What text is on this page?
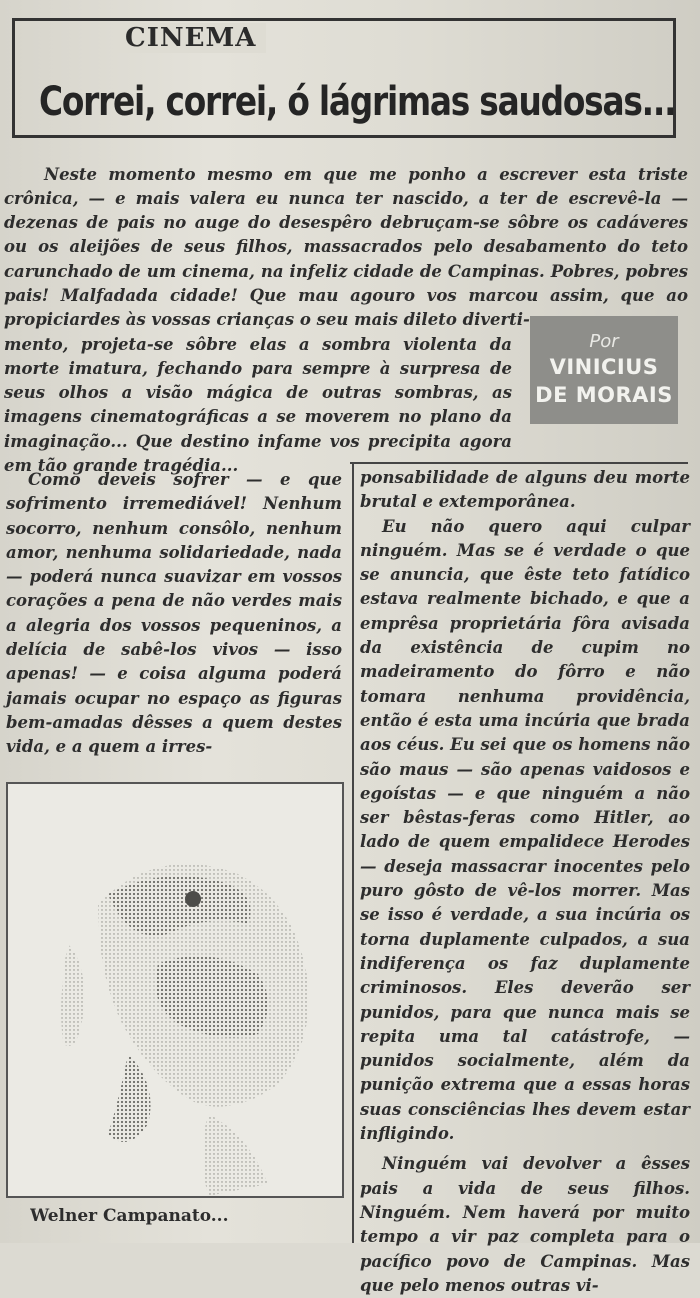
CINEMA
Correi, correi, ó lágrimas saudosas...

Neste momento mesmo em que me ponho a escrever esta triste crônica, — e mais valera eu nunca ter nascido, a ter de escrevê-la — dezenas de pais no auge do desespêro debruçam-se sôbre os cadáveres ou os aleijões de seus filhos, massacrados pelo desabamento do teto carunchado de um cinema, na infeliz cidade de Campinas. Pobres, pobres pais! Malfadada cidade! Que mau agouro vos marcou assim, que ao propiciardes às vossas crianças o seu mais dileto diverti-

mento, projeta-se sôbre elas a sombra violenta da morte imatura, fechando para sempre à surpresa de seus olhos a visão mágica de outras sombras, as imagens cinematográficas a se moverem no plano da imaginação... Que destino infame vos precipita agora em tão grande tragédia...

Por
VINICIUS
DE MORAIS

Como deveis sofrer — e que sofrimento irremediável! Nenhum socorro, nenhum consôlo, nenhum amor, nenhuma solidariedade, nada — poderá nunca suavizar em vossos corações a pena de não verdes mais a alegria dos vossos pequeninos, a delícia de sabê-los vivos — isso apenas! — e coisa alguma poderá jamais ocupar no espaço as figuras bem-amadas dêsses a quem destes vida, e a quem a irres-

ponsabilidade de alguns deu morte brutal e extemporânea.

Eu não quero aqui culpar ninguém. Mas se é verdade o que se anuncia, que êste teto fatídico estava realmente bichado, e que a emprêsa proprietária fôra avisada da existência de cupim no madeiramento do fôrro e não tomara nenhuma providência, então é esta uma incúria que brada aos céus. Eu sei que os homens não são maus — são apenas vaidosos e egoístas — e que ninguém a não ser bêstas-feras como Hitler, ao lado de quem empalidece Herodes — deseja massacrar inocentes pelo puro gôsto de vê-los morrer. Mas se isso é verdade, a sua incúria os torna duplamente culpados, a sua indiferença os faz duplamente criminosos. Eles deverão ser punidos, para que nunca mais se repita uma tal catástrofe, — punidos socialmente, além da punição extrema que a essas horas suas consciências lhes devem estar infligindo.

Ninguém vai devolver a êsses pais a vida de seus filhos. Ninguém. Nem haverá por muito tempo a vir paz completa para o pacífico povo de Campinas. Mas que pelo menos outras vi-

Welner Campanato...
